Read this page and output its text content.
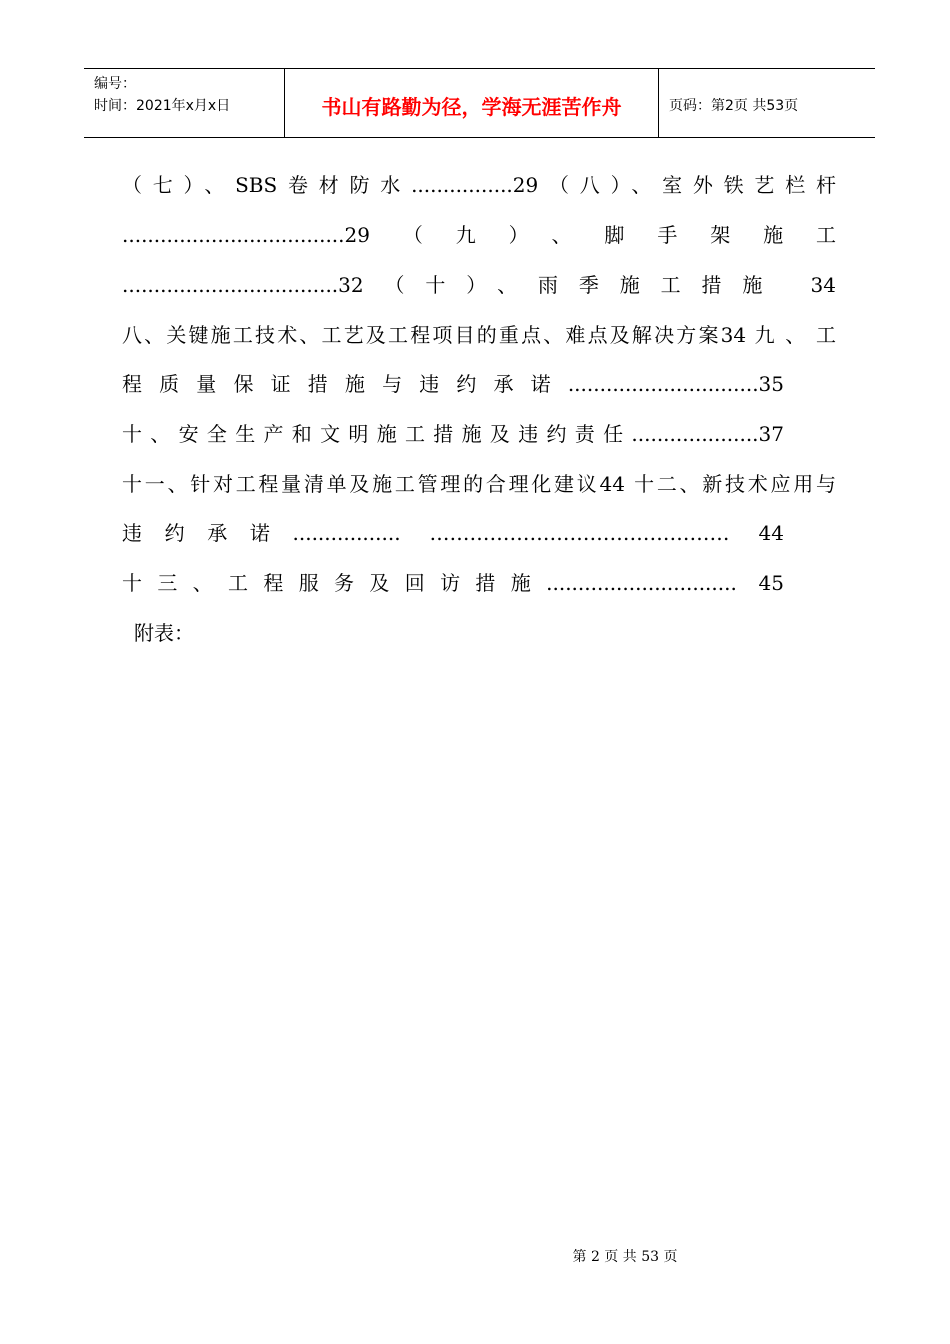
编号：
时间：2021年x月x日	书山有路勤为径，学海无涯苦作舟	页码：第2页 共53页
（七）、SBS卷材防水................29（八）、室外铁艺栏杆
...................................29（九）、脚手架施工
..................................32（十）、雨季施工措施 34
八、关键施工技术、工艺及工程项目的重点、难点及解决方案34 九 、 工
程质量保证措施与违约承诺..............................35
十、安全生产和文明施工措施及违约责任....................37
十一、针对工程量清单及施工管理的合理化建议44 十二、新技术应用与
违约承诺................. ……………………………………… 44
十三、工程服务及回访措施.............................. 45
附表：
第 2 页 共 53 页
